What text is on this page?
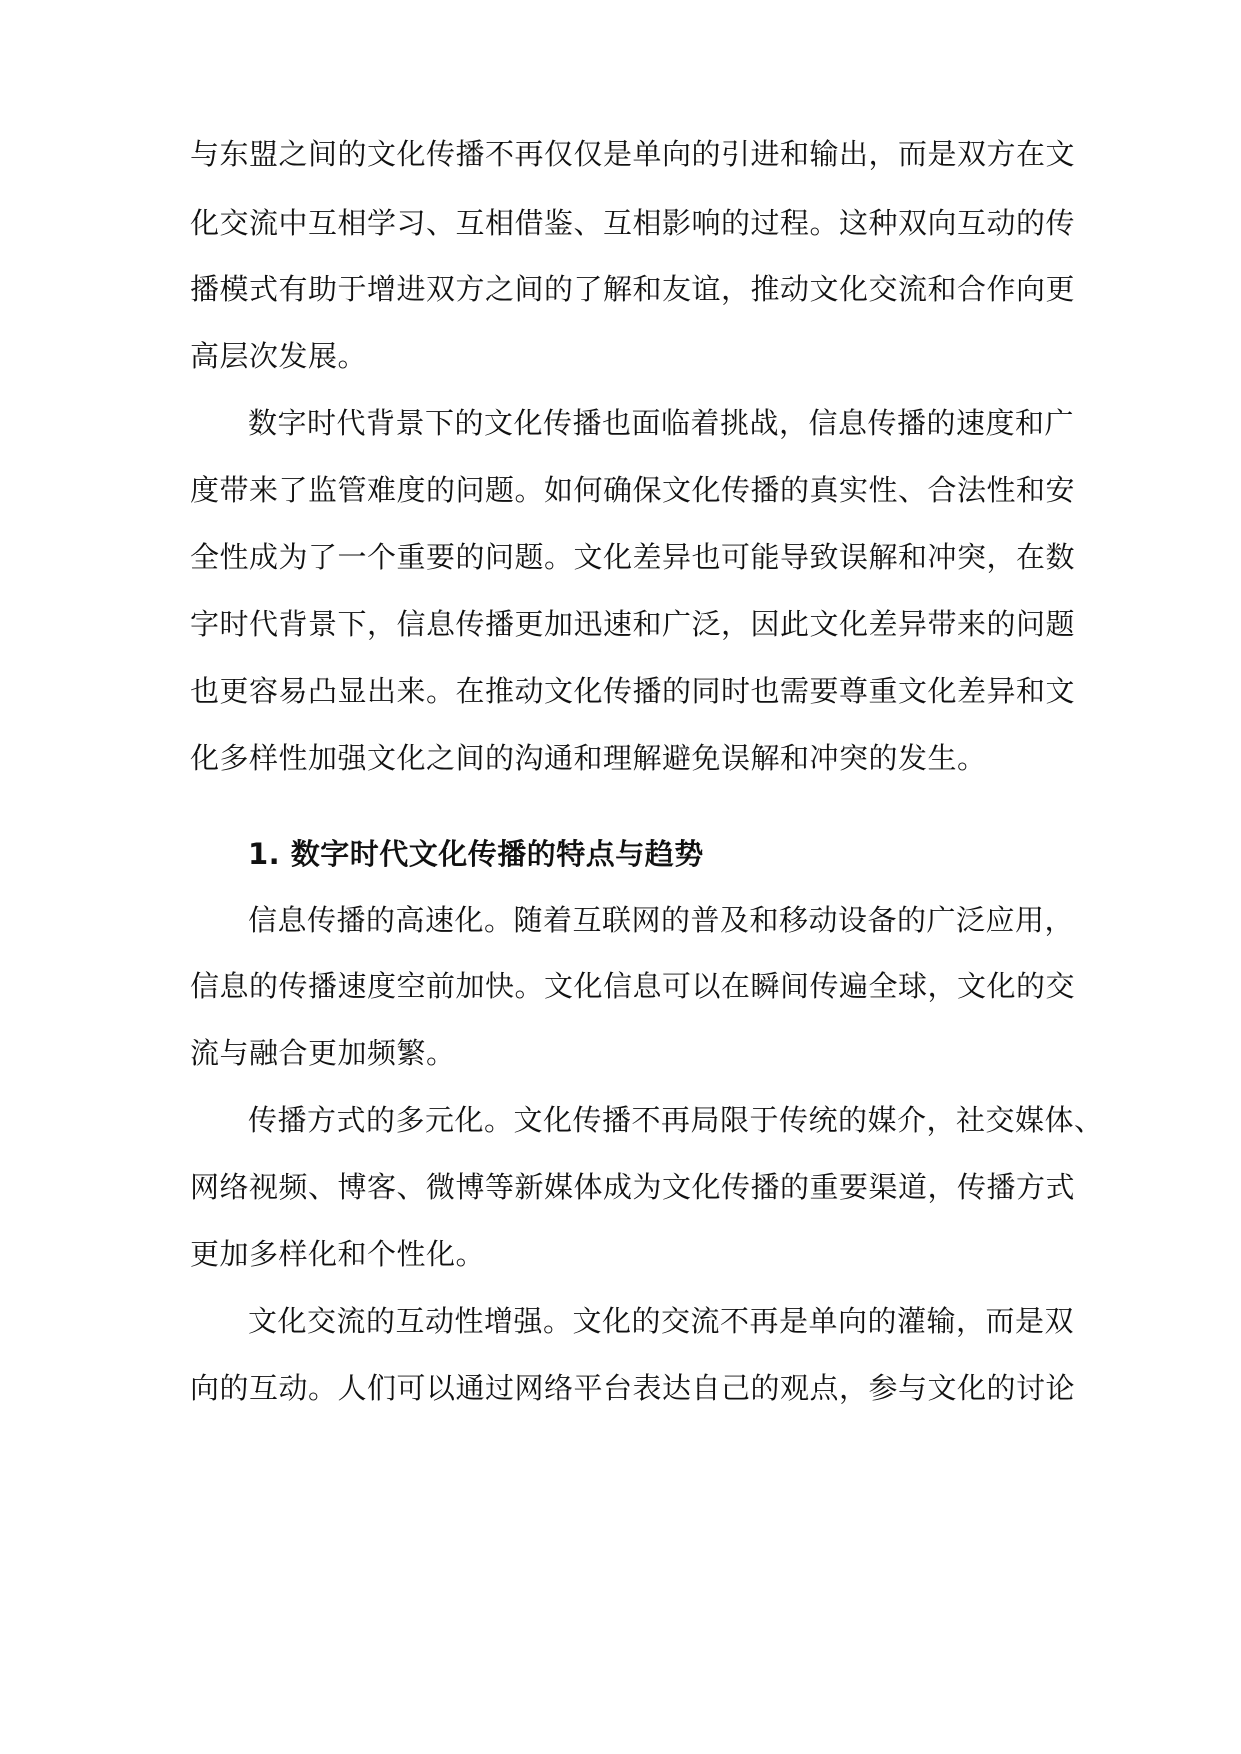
与东盟之间的文化传播不再仅仅是单向的引进和输出，而是双方在文
化交流中互相学习、互相借鉴、互相影响的过程。这种双向互动的传
播模式有助于增进双方之间的了解和友谊，推动文化交流和合作向更
高层次发展。
数字时代背景下的文化传播也面临着挑战，信息传播的速度和广
度带来了监管难度的问题。如何确保文化传播的真实性、合法性和安
全性成为了一个重要的问题。文化差异也可能导致误解和冲突，在数
字时代背景下，信息传播更加迅速和广泛，因此文化差异带来的问题
也更容易凸显出来。在推动文化传播的同时也需要尊重文化差异和文
化多样性加强文化之间的沟通和理解避免误解和冲突的发生。
1. 数字时代文化传播的特点与趋势
信息传播的高速化。随着互联网的普及和移动设备的广泛应用，
信息的传播速度空前加快。文化信息可以在瞬间传遍全球，文化的交
流与融合更加频繁。
传播方式的多元化。文化传播不再局限于传统的媒介，社交媒体、
网络视频、博客、微博等新媒体成为文化传播的重要渠道，传播方式
更加多样化和个性化。
文化交流的互动性增强。文化的交流不再是单向的灌输，而是双
向的互动。人们可以通过网络平台表达自己的观点，参与文化的讨论
